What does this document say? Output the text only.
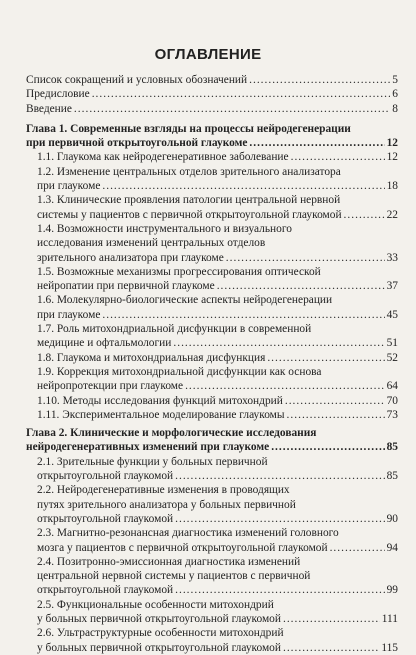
ОГЛАВЛЕНИЕ
Список сокращений и условных обозначений .....	5
Предисловие .....	6
Введение .....	8
Глава 1. Современные взгляды на процессы нейродегенерации
при первичной открытоугольной глаукоме .....	12
1.1. Глаукома как нейродегенеративное заболевание .....	12
1.2. Изменение центральных отделов зрительного анализатора
при глаукоме .....	18
1.3. Клинические проявления патологии центральной нервной
системы у пациентов с первичной открытоугольной глаукомой .....	22
1.4. Возможности инструментального и визуального
исследования изменений центральных отделов
зрительного анализатора при глаукоме .....	33
1.5. Возможные механизмы прогрессирования оптической
нейропатии при первичной глаукоме .....	37
1.6. Молекулярно-биологические аспекты нейродегенерации
при глаукоме .....	45
1.7. Роль митохондриальной дисфункции в современной
медицине и офтальмологии .....	51
1.8. Глаукома и митохондриальная дисфункция .....	52
1.9. Коррекция митохондриальной дисфункции как основа
нейропротекции при глаукоме .....	64
1.10. Методы исследования функций митохондрий .....	70
1.11. Экспериментальное моделирование глаукомы .....	73
Глава 2. Клинические и морфологические исследования
нейродегенеративных изменений при глаукоме .....	85
2.1. Зрительные функции у больных первичной
открытоугольной глаукомой .....	85
2.2. Нейродегенеративные изменения в проводящих
путях зрительного анализатора у больных первичной
открытоугольной глаукомой .....	90
2.3. Магнитно-резонансная диагностика изменений головного
мозга у пациентов с первичной открытоугольной глаукомой .....	94
2.4. Позитронно-эмиссионная диагностика изменений
центральной нервной системы у пациентов с первичной
открытоугольной глаукомой .....	99
2.5. Функциональные особенности митохондрий
у больных первичной открытоугольной глаукомой .....	111
2.6. Ультраструктурные особенности митохондрий
у больных первичной открытоугольной глаукомой .....	115
